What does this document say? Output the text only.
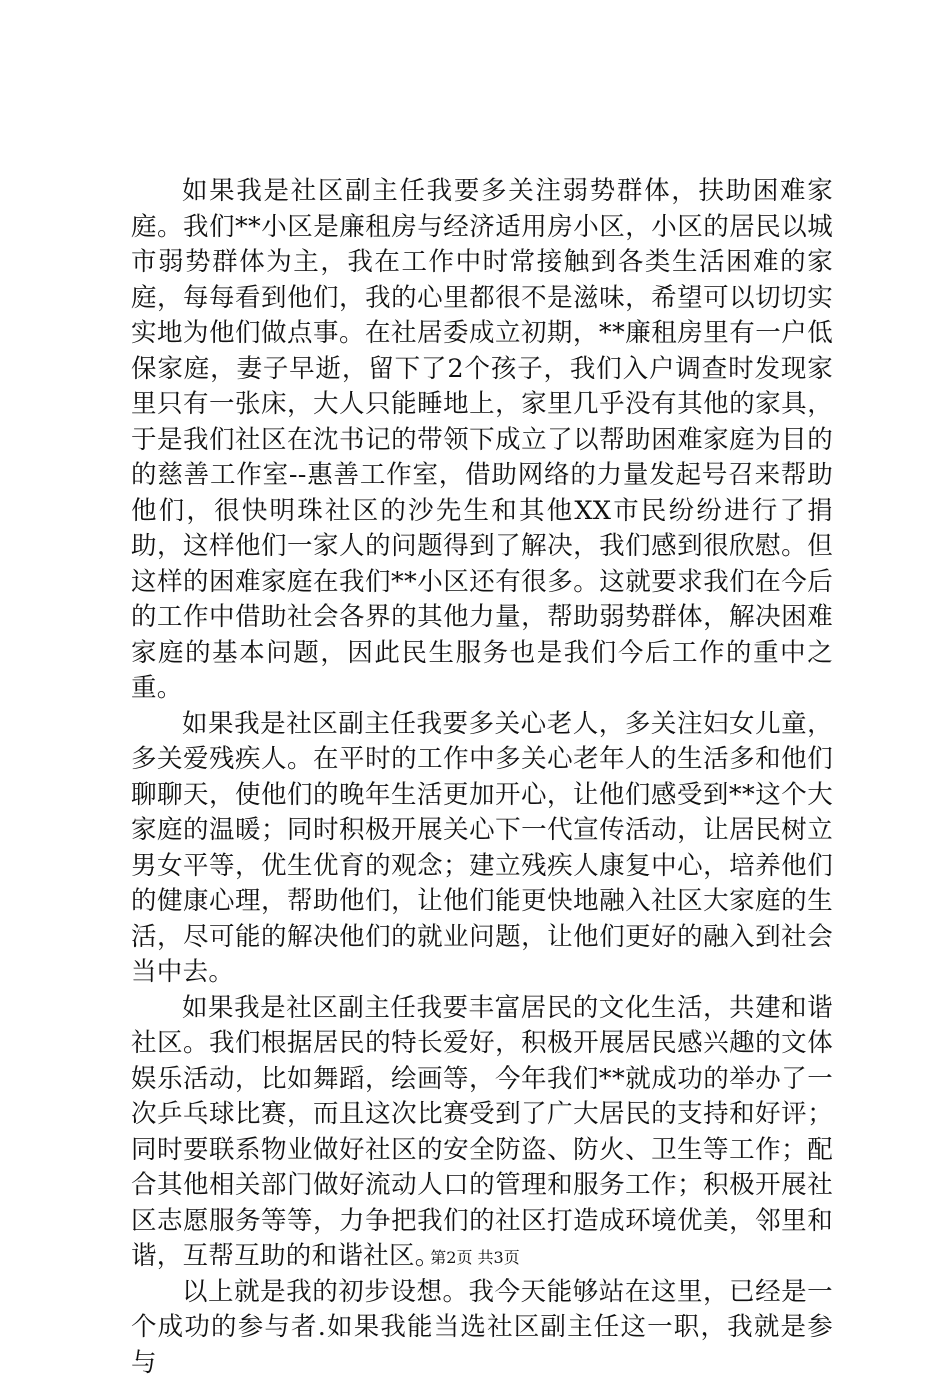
如果我是社区副主任我要多关注弱势群体，扶助困难家庭。我们**小区是廉租房与经济适用房小区，小区的居民以城市弱势群体为主，我在工作中时常接触到各类生活困难的家庭，每每看到他们，我的心里都很不是滋味，希望可以切切实实地为他们做点事。在社居委成立初期，**廉租房里有一户低保家庭，妻子早逝，留下了2个孩子，我们入户调查时发现家里只有一张床，大人只能睡地上，家里几乎没有其他的家具，于是我们社区在沈书记的带领下成立了以帮助困难家庭为目的的慈善工作室--惠善工作室，借助网络的力量发起号召来帮助他们，很快明珠社区的沙先生和其他XX市民纷纷进行了捐助，这样他们一家人的问题得到了解决，我们感到很欣慰。但这样的困难家庭在我们**小区还有很多。这就要求我们在今后的工作中借助社会各界的其他力量，帮助弱势群体，解决困难家庭的基本问题，因此民生服务也是我们今后工作的重中之重。

如果我是社区副主任我要多关心老人，多关注妇女儿童，多关爱残疾人。在平时的工作中多关心老年人的生活多和他们聊聊天，使他们的晚年生活更加开心，让他们感受到**这个大家庭的温暖；同时积极开展关心下一代宣传活动，让居民树立男女平等，优生优育的观念；建立残疾人康复中心，培养他们的健康心理，帮助他们，让他们能更快地融入社区大家庭的生活，尽可能的解决他们的就业问题，让他们更好的融入到社会当中去。

如果我是社区副主任我要丰富居民的文化生活，共建和谐社区。我们根据居民的特长爱好，积极开展居民感兴趣的文体娱乐活动，比如舞蹈，绘画等，今年我们**就成功的举办了一次乒乓球比赛，而且这次比赛受到了广大居民的支持和好评；同时要联系物业做好社区的安全防盗、防火、卫生等工作；配合其他相关部门做好流动人口的管理和服务工作；积极开展社区志愿服务等等，力争把我们的社区打造成环境优美，邻里和谐，互帮互助的和谐社区。

以上就是我的初步设想。我今天能够站在这里，已经是一个成功的参与者.如果我能当选社区副主任这一职，我就是参与

第2页 共3页
